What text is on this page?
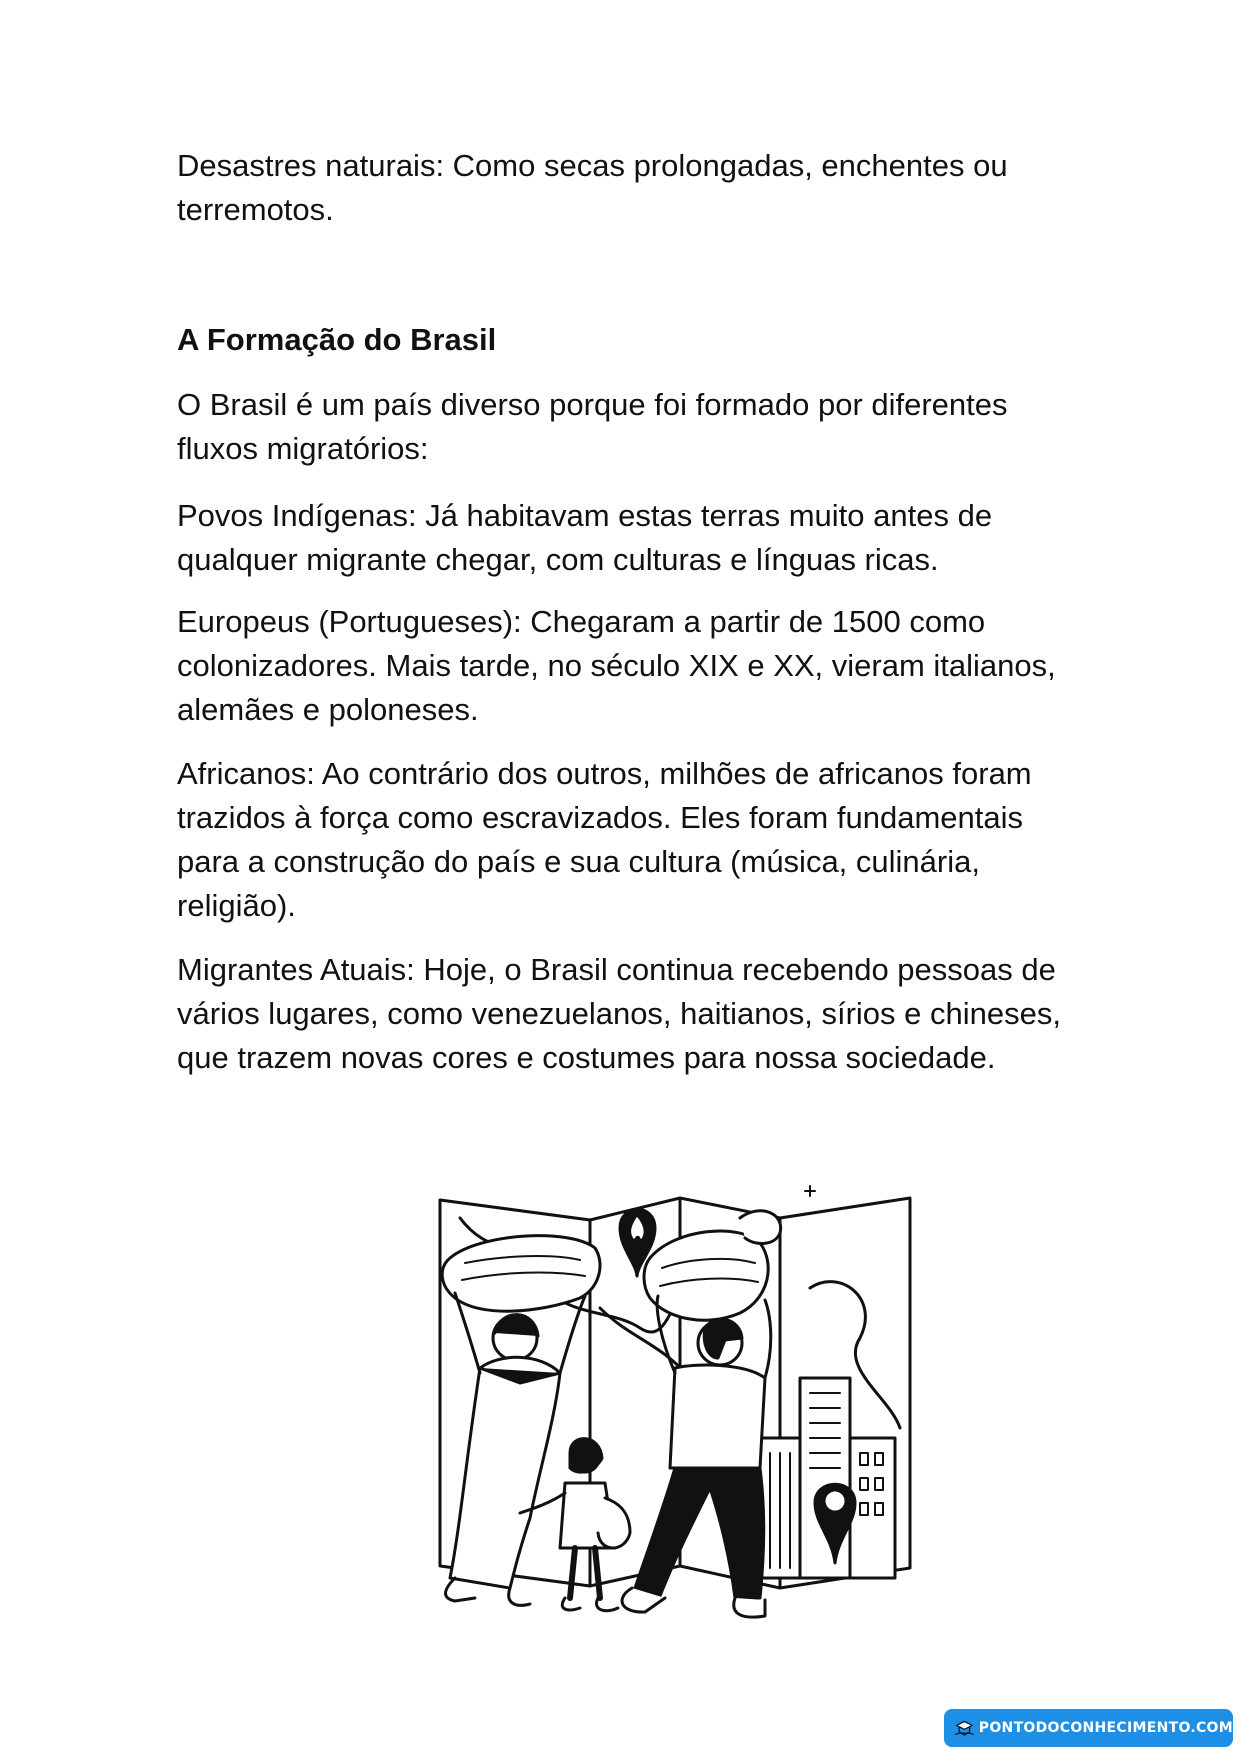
Desastres naturais: Como secas prolongadas, enchentes ou terremotos.

A Formação do Brasil

O Brasil é um país diverso porque foi formado por diferentes fluxos migratórios:

Povos Indígenas: Já habitavam estas terras muito antes de qualquer migrante chegar, com culturas e línguas ricas.

Europeus (Portugueses): Chegaram a partir de 1500 como colonizadores. Mais tarde, no século XIX e XX, vieram italianos, alemães e poloneses.

Africanos: Ao contrário dos outros, milhões de africanos foram trazidos à força como escravizados. Eles foram fundamentais para a construção do país e sua cultura (música, culinária, religião).

Migrantes Atuais: Hoje, o Brasil continua recebendo pessoas de vários lugares, como venezuelanos, haitianos, sírios e chineses, que trazem novas cores e costumes para nossa sociedade.

PONTODOCONHECIMENTO.COM
